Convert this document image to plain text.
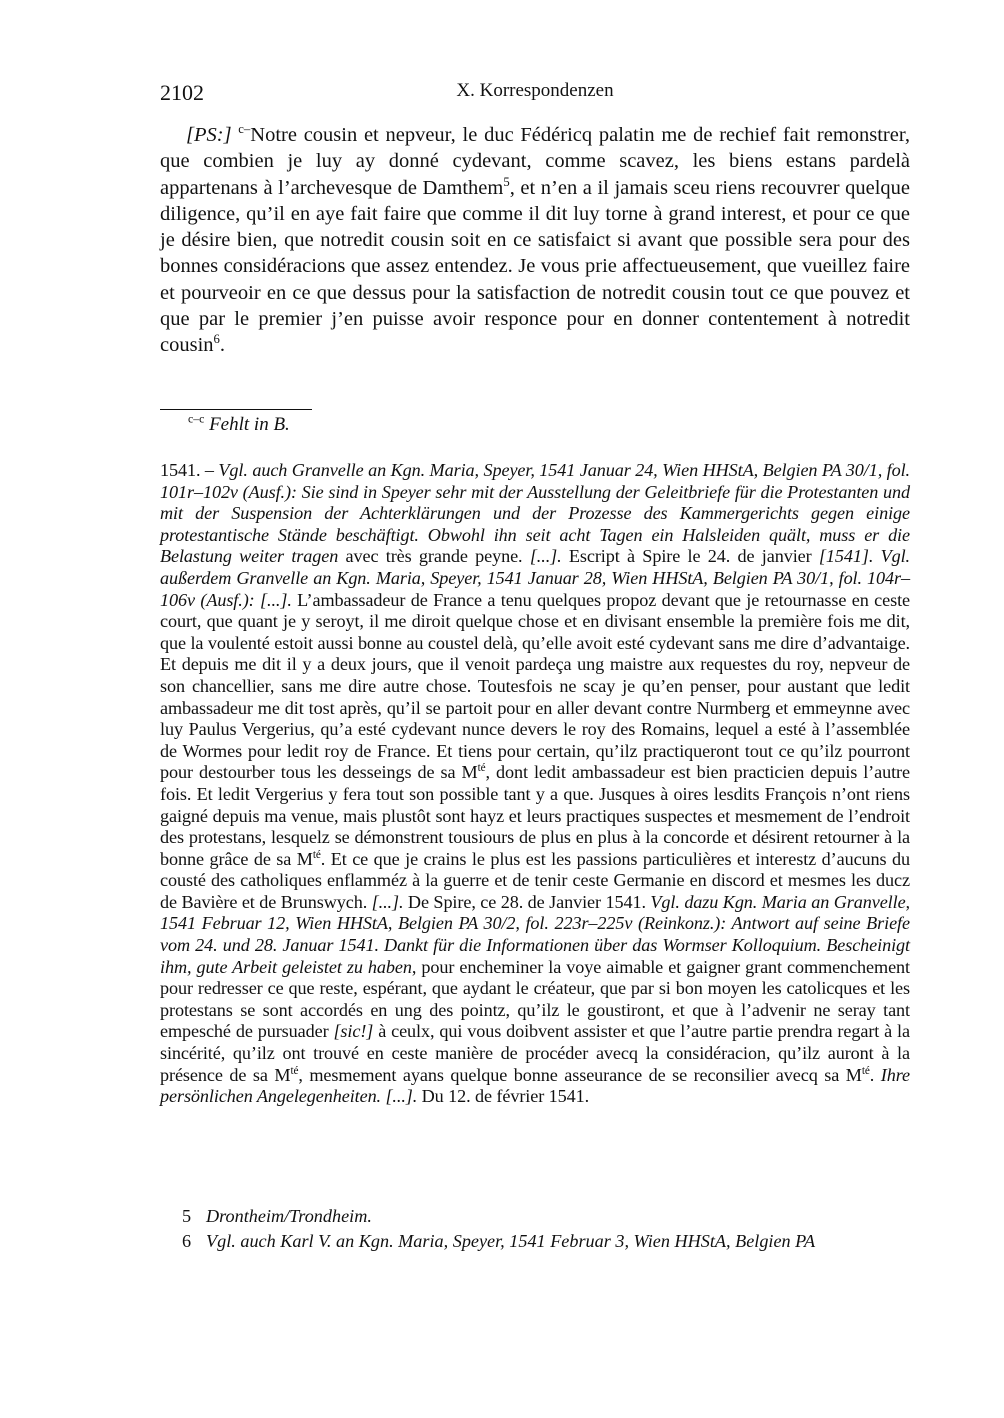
2102	X. Korrespondenzen

[PS:] $^{c-}$Notre cousin et nepveur, le duc Fédéricq palatin me de rechief fait remonstrer, que combien je luy ay donné cydevant, comme scavez, les biens estans pardelà appartenans à l’archevesque de Damthem$^5$, et n’en a il jamais sceu riens recouvrer quelque diligence, qu’il en aye fait faire que comme il dit luy torne à grand interest, et pour ce que je désire bien, que notredit cousin soit en ce satisfaict si avant que possible sera pour des bonnes considéracions que assez entendez. Je vous prie affectueusement, que vueillez faire et pourveoir en ce que dessus pour la satisfaction de notredit cousin tout ce que pouvez et que par le premier j’en puisse avoir responce pour en donner contentement à notredit cousin$^6$.

$^{c-c}$ Fehlt in B.

1541. – Vgl. auch Granvelle an Kgn. Maria, Speyer, 1541 Januar 24, Wien HHStA, Belgien PA 30/1, fol. 101r–102v (Ausf.): Sie sind in Speyer sehr mit der Ausstellung der Geleitbriefe für die Protestanten und mit der Suspension der Achterklärungen und der Prozesse des Kammergerichts gegen einige protestantische Stände beschäftigt. Obwohl ihn seit acht Tagen ein Halsleiden quält, muss er die Belastung weiter tragen avec très grande peyne. [...]. Escript à Spire le 24. de janvier [1541]. Vgl. außerdem Granvelle an Kgn. Maria, Speyer, 1541 Januar 28, Wien HHStA, Belgien PA 30/1, fol. 104r–106v (Ausf.): [...]. L’ambassadeur de France a tenu quelques propoz devant que je retournasse en ceste court, que quant je y seroyt, il me diroit quelque chose et en divisant ensemble la première fois me dit, que la voulenté estoit aussi bonne au coustel delà, qu’elle avoit esté cydevant sans me dire d’advantaige. Et depuis me dit il y a deux jours, que il venoit pardeça ung maistre aux requestes du roy, nepveur de son chancellier, sans me dire autre chose. Toutesfois ne scay je qu’en penser, pour austant que ledit ambassadeur me dit tost après, qu’il se partoit pour en aller devant contre Nurmberg et emmeynne avec luy Paulus Vergerius, qu’a esté cydevant nunce devers le roy des Romains, lequel a esté à l’assemblée de Wormes pour ledit roy de France. Et tiens pour certain, qu’ilz practiqueront tout ce qu’ilz pourront pour destourber tous les desseings de sa $M^{té}$, dont ledit ambassadeur est bien practicien depuis l’autre fois. Et ledit Vergerius y fera tout son possible tant y a que. Jusques à oires lesdits François n’ont riens gaigné depuis ma venue, mais plustôt sont hayz et leurs practiques suspectes et mesmement de l’endroit des protestans, lesquelz se démonstrent tousiours de plus en plus à la concorde et désirent retourner à la bonne grâce de sa $M^{té}$. Et ce que je crains le plus est les passions particulières et interestz d’aucuns du cousté des catholiques enflamméz à la guerre et de tenir ceste Germanie en discord et mesmes les ducz de Bavière et de Brunswych. [...]. De Spire, ce 28. de Janvier 1541. Vgl. dazu Kgn. Maria an Granvelle, 1541 Februar 12, Wien HHStA, Belgien PA 30/2, fol. 223r–225v (Reinkonz.): Antwort auf seine Briefe vom 24. und 28. Januar 1541. Dankt für die Informationen über das Wormser Kolloquium. Bescheinigt ihm, gute Arbeit geleistet zu haben, pour encheminer la voye aimable et gaigner grant commenchement pour redresser ce que reste, espérant, que aydant le créateur, que par si bon moyen les catolicques et les protestans se sont accordés en ung des pointz, qu’ilz le goustiront, et que à l’advenir ne seray tant empesché de pursuader [sic!] à ceulx, qui vous doibvent assister et que l’autre partie prendra regart à la sincérité, qu’ilz ont trouvé en ceste manière de procéder avecq la considéracion, qu’ilz auront à la présence de sa $M^{té}$, mesmement ayans quelque bonne asseurance de se reconsilier avecq sa $M^{té}$. Ihre persönlichen Angelegenheiten. [...]. Du 12. de février 1541.

5 Drontheim/Trondheim.
6 Vgl. auch Karl V. an Kgn. Maria, Speyer, 1541 Februar 3, Wien HHStA, Belgien PA
